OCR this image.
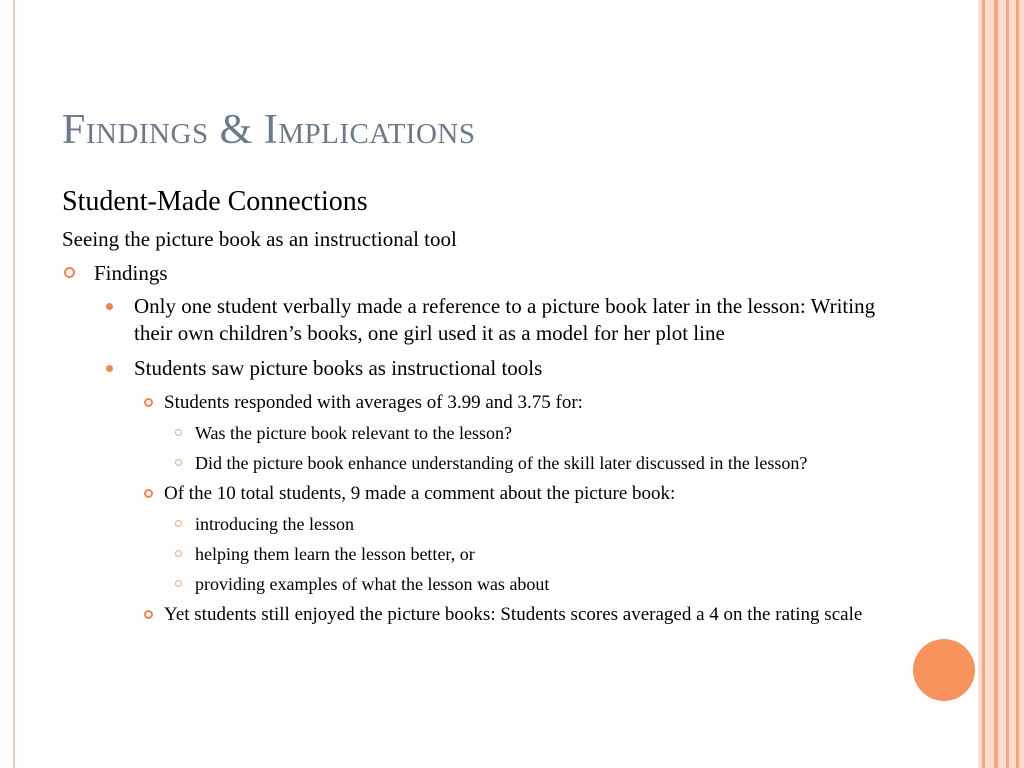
Findings & Implications
Student-Made Connections
Seeing the picture book as an instructional tool
Findings
Only one student verbally made a reference to a picture book later in the lesson: Writing their own children’s books, one girl used it as a model for her plot line
Students saw picture books as instructional tools
Students responded with averages of 3.99 and 3.75 for:
Was the picture book relevant to the lesson?
Did the picture book enhance understanding of the skill later discussed in the lesson?
Of the 10 total students, 9 made a comment about the picture book:
introducing the lesson
helping them learn the lesson better, or
providing examples of what the lesson was about
Yet students still enjoyed the picture books: Students scores averaged a 4 on the rating scale
